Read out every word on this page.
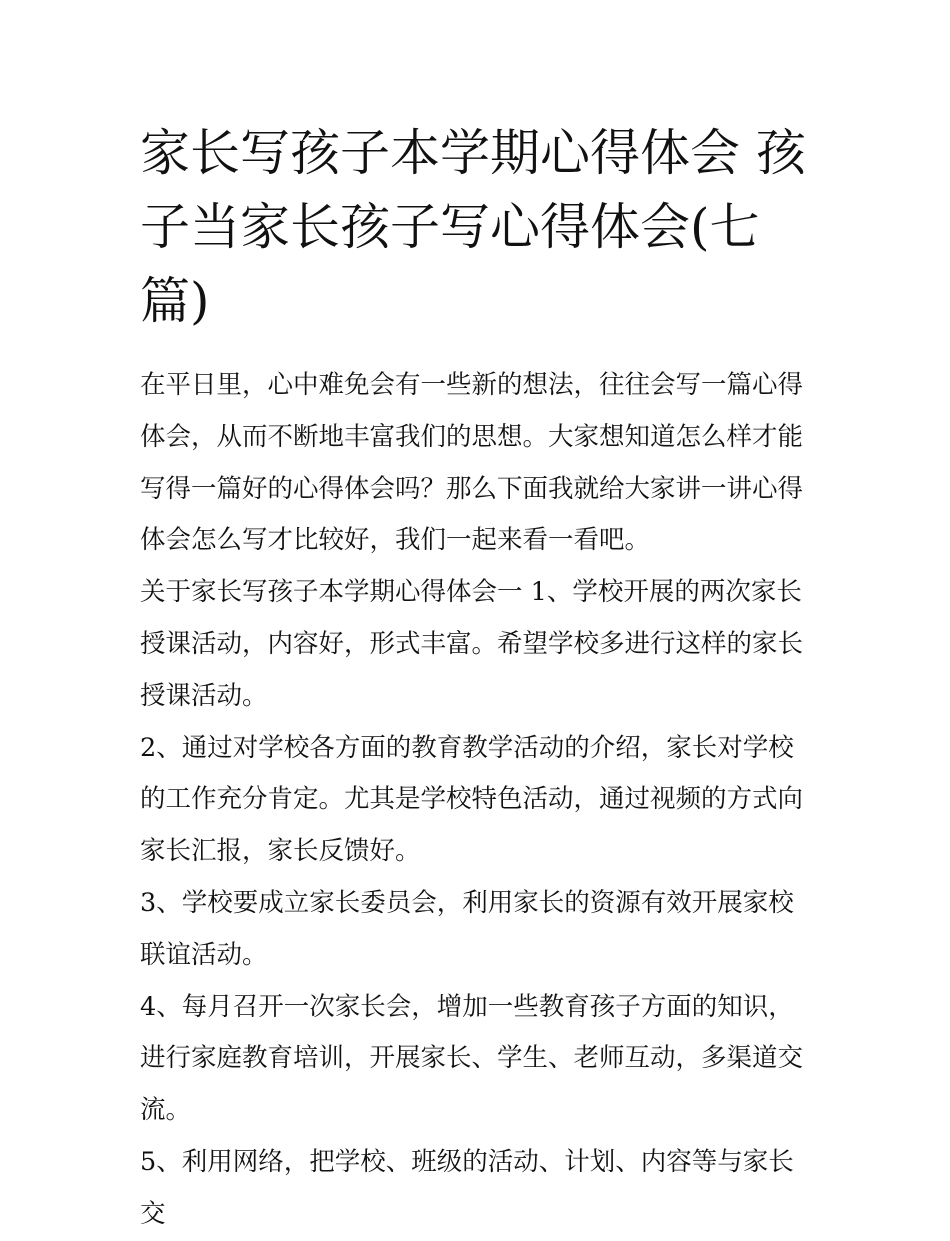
家长写孩子本学期心得体会 孩子当家长孩子写心得体会(七篇)

在平日里，心中难免会有一些新的想法，往往会写一篇心得体会，从而不断地丰富我们的思想。大家想知道怎么样才能写得一篇好的心得体会吗？那么下面我就给大家讲一讲心得体会怎么写才比较好，我们一起来看一看吧。

关于家长写孩子本学期心得体会一 1、学校开展的两次家长授课活动，内容好，形式丰富。希望学校多进行这样的家长授课活动。

2、通过对学校各方面的教育教学活动的介绍，家长对学校的工作充分肯定。尤其是学校特色活动，通过视频的方式向家长汇报，家长反馈好。

3、学校要成立家长委员会，利用家长的资源有效开展家校联谊活动。

4、每月召开一次家长会，增加一些教育孩子方面的知识，进行家庭教育培训，开展家长、学生、老师互动，多渠道交流。

5、利用网络，把学校、班级的活动、计划、内容等与家长交
